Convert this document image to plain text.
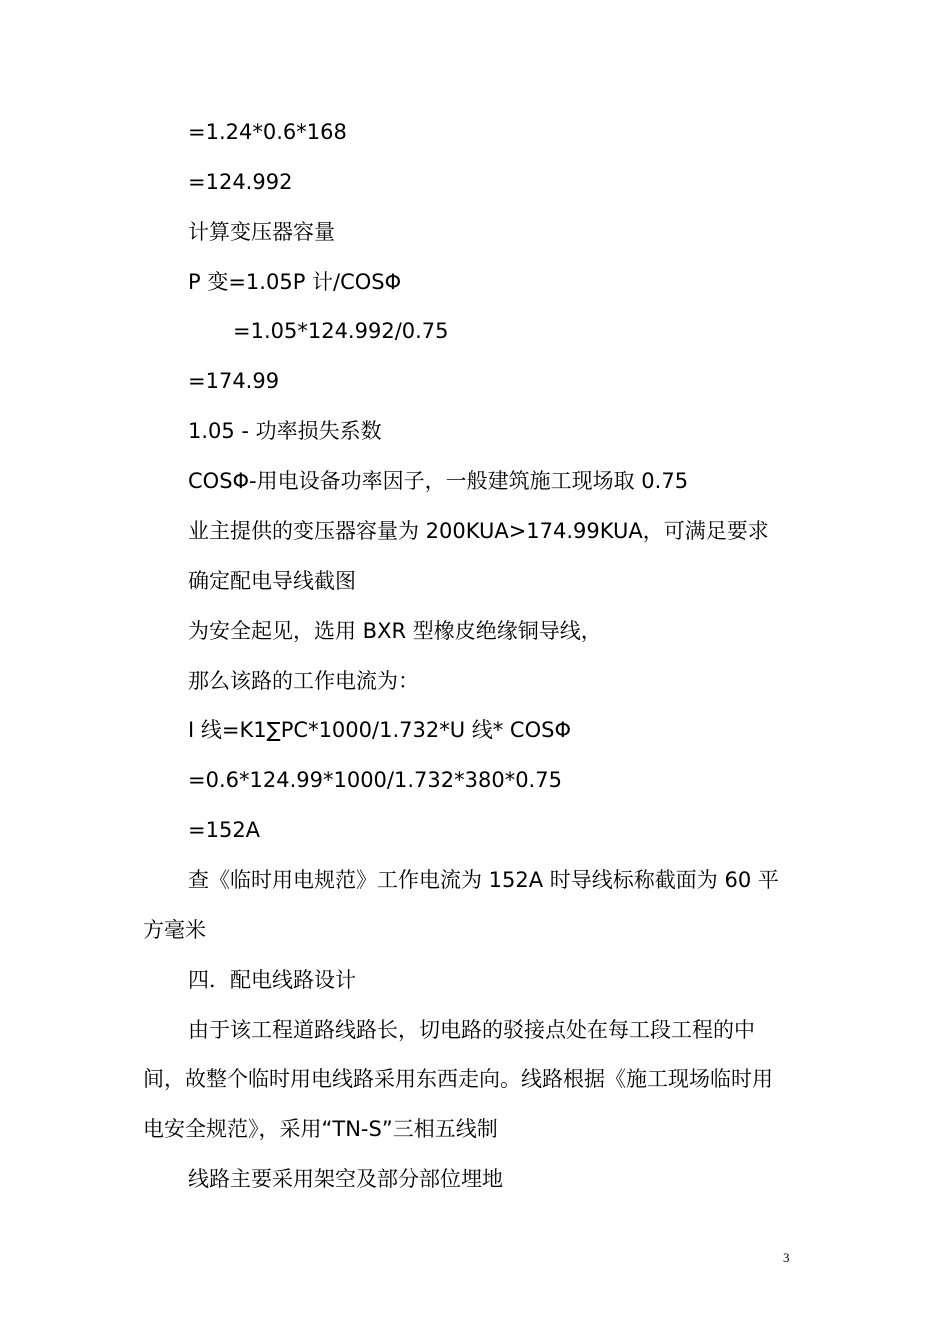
=1.24*0.6*168
=124.992
计算变压器容量
P 变=1.05P 计/COSΦ
=1.05*124.992/0.75
=174.99
1.05 - 功率损失系数
COSΦ-用电设备功率因子，一般建筑施工现场取 0.75
业主提供的变压器容量为 200KUA>174.99KUA，可满足要求
确定配电导线截图
为安全起见，选用 BXR 型橡皮绝缘铜导线，
那么该路的工作电流为：
I 线=K1∑PC*1000/1.732*U 线* COSΦ
=0.6*124.99*1000/1.732*380*0.75
=152A
查《临时用电规范》工作电流为 152A 时导线标称截面为 60 平
方毫米
四．配电线路设计
由于该工程道路线路长，切电路的驳接点处在每工段工程的中
间，故整个临时用电线路采用东西走向。线路根据《施工现场临时用
电安全规范》，采用“TN-S”三相五线制
线路主要采用架空及部分部位埋地
3
